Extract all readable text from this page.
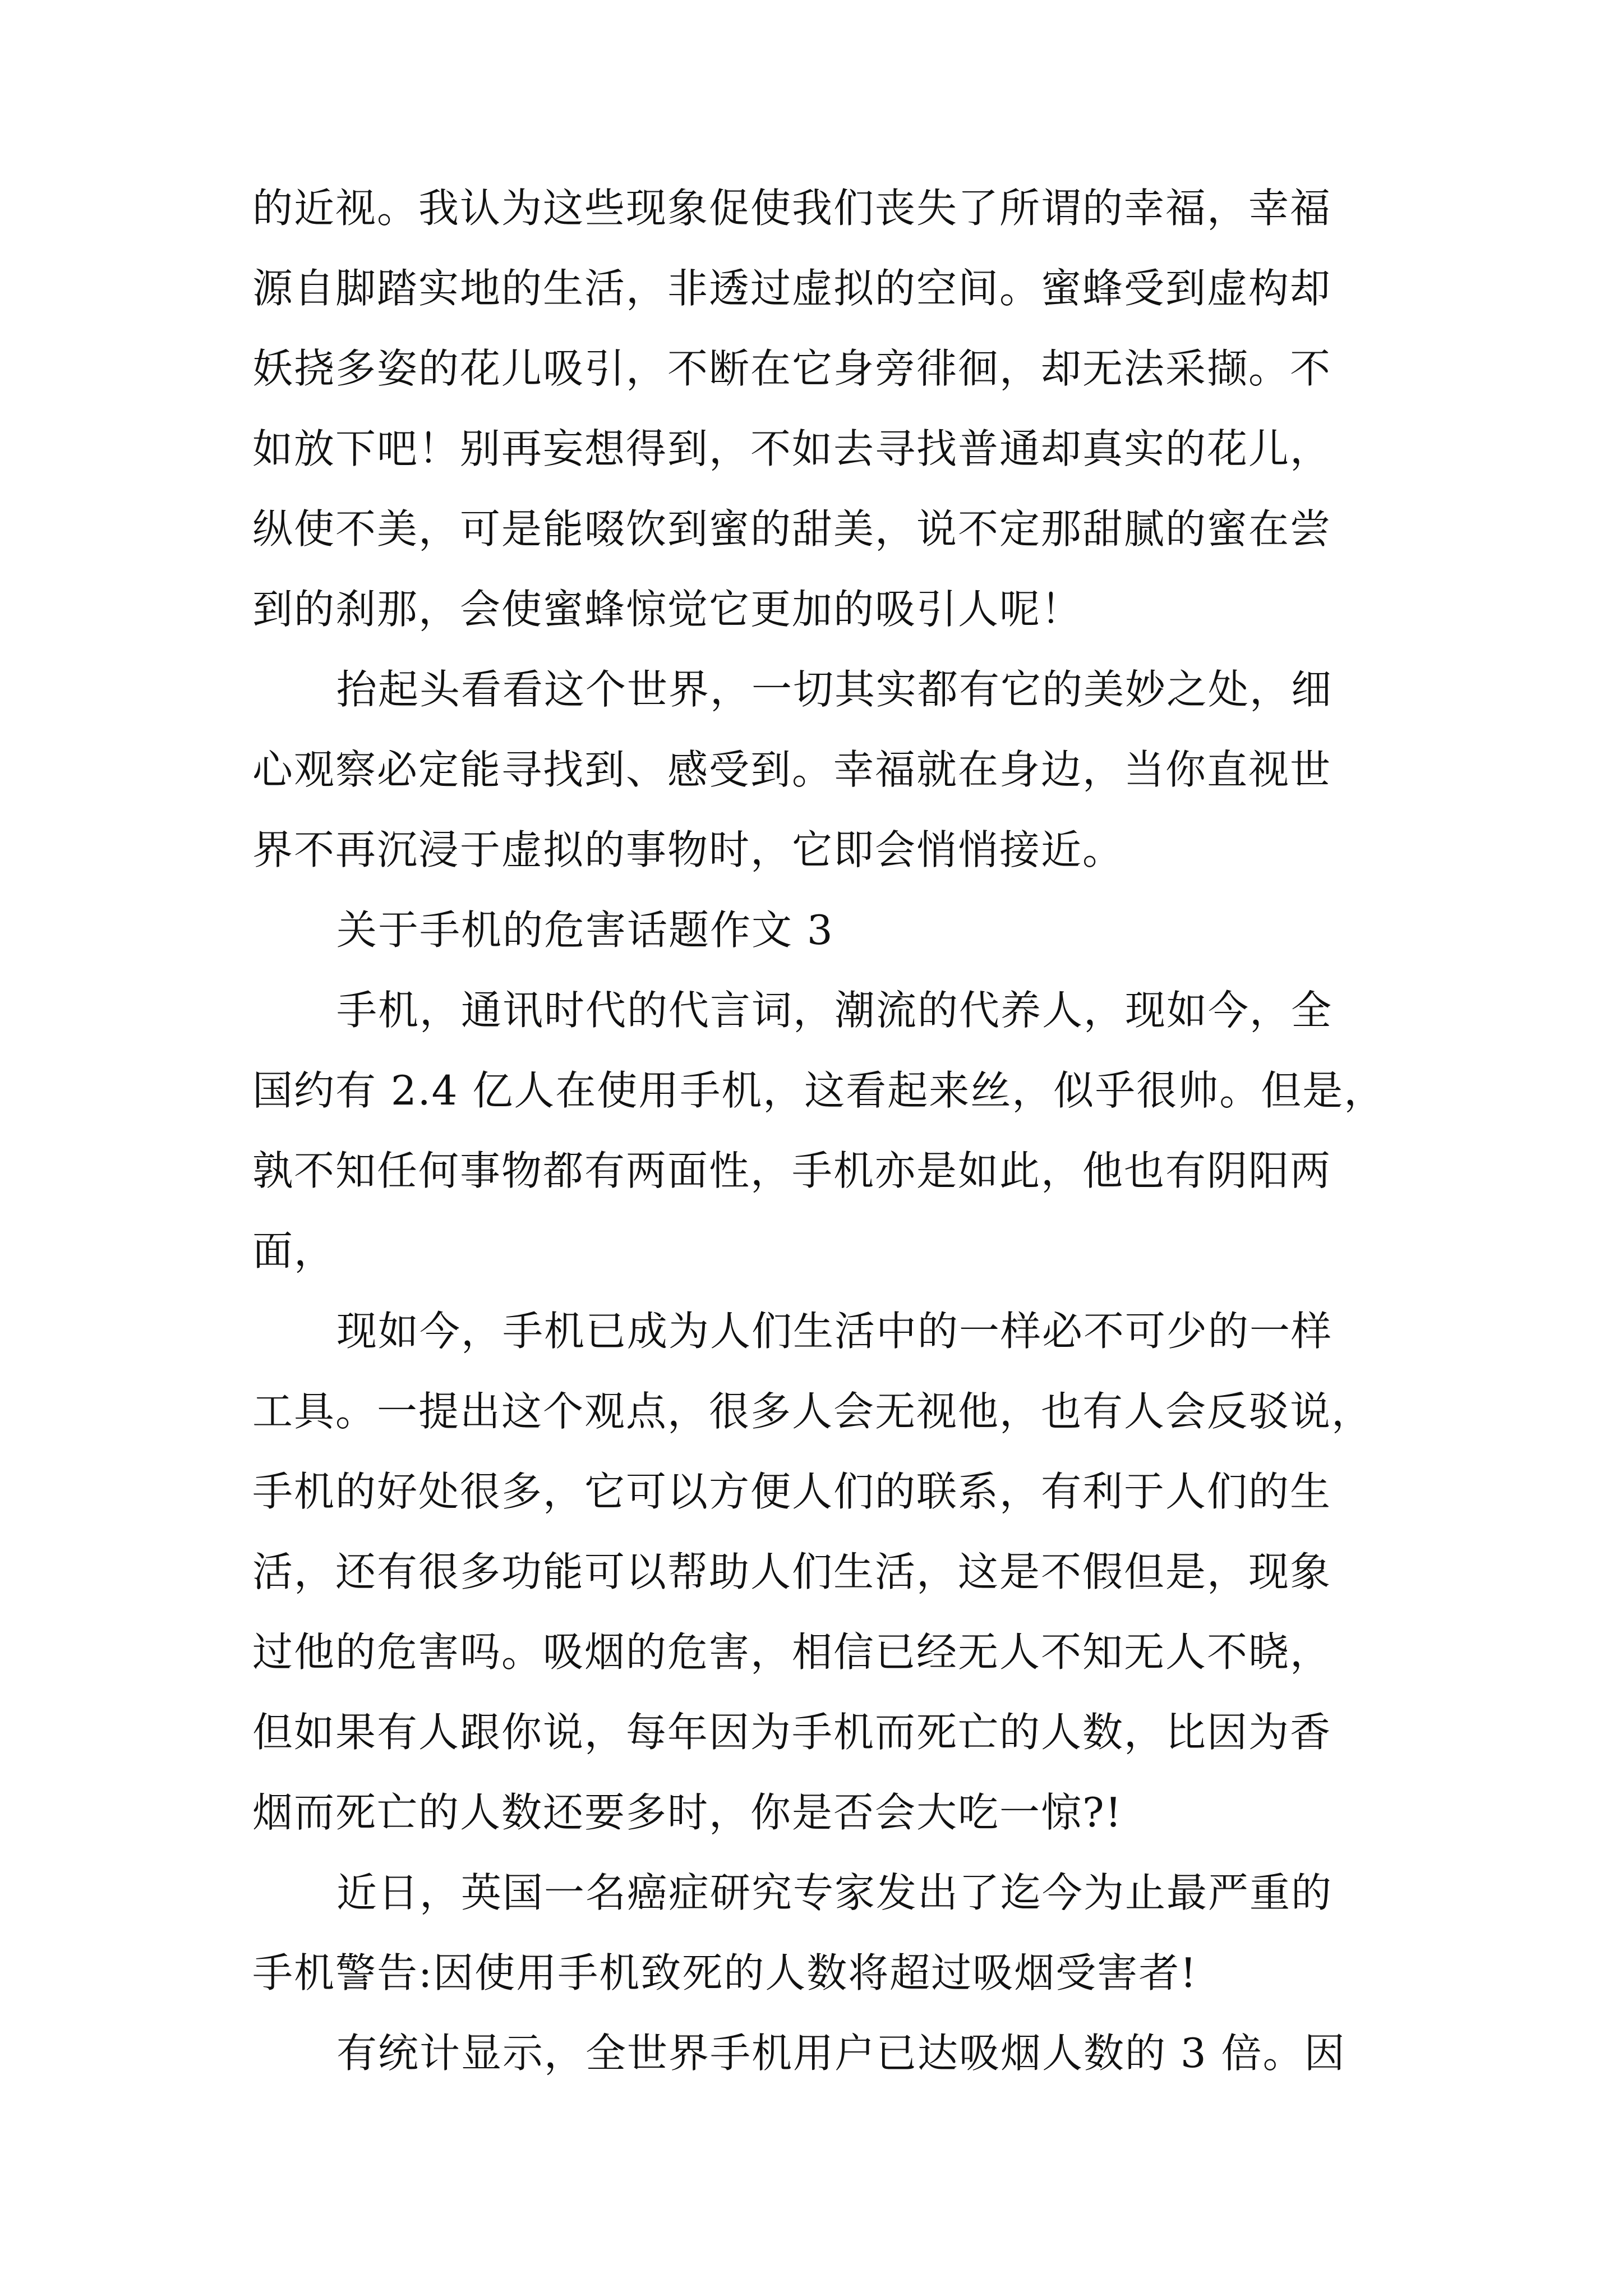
的近视。我认为这些现象促使我们丧失了所谓的幸福，幸福
源自脚踏实地的生活，非透过虚拟的空间。蜜蜂受到虚构却
妖挠多姿的花儿吸引，不断在它身旁徘徊，却无法采撷。不
如放下吧！别再妄想得到，不如去寻找普通却真实的花儿，
纵使不美，可是能啜饮到蜜的甜美，说不定那甜腻的蜜在尝
到的刹那，会使蜜蜂惊觉它更加的吸引人呢！
抬起头看看这个世界，一切其实都有它的美妙之处，细
心观察必定能寻找到、感受到。幸福就在身边，当你直视世
界不再沉浸于虚拟的事物时，它即会悄悄接近。
关于手机的危害话题作文 3
手机，通讯时代的代言词，潮流的代养人，现如今，全
国约有 2.4 亿人在使用手机，这看起来丝，似乎很帅。但是，
孰不知任何事物都有两面性，手机亦是如此，他也有阴阳两
面，
现如今，手机已成为人们生活中的一样必不可少的一样
工具。一提出这个观点，很多人会无视他，也有人会反驳说，
手机的好处很多，它可以方便人们的联系，有利于人们的生
活，还有很多功能可以帮助人们生活，这是不假但是，现象
过他的危害吗。吸烟的危害，相信已经无人不知无人不晓，
但如果有人跟你说，每年因为手机而死亡的人数，比因为香
烟而死亡的人数还要多时，你是否会大吃一惊?!
近日，英国一名癌症研究专家发出了迄今为止最严重的
手机警告:因使用手机致死的人数将超过吸烟受害者!
有统计显示，全世界手机用户已达吸烟人数的 3 倍。因
